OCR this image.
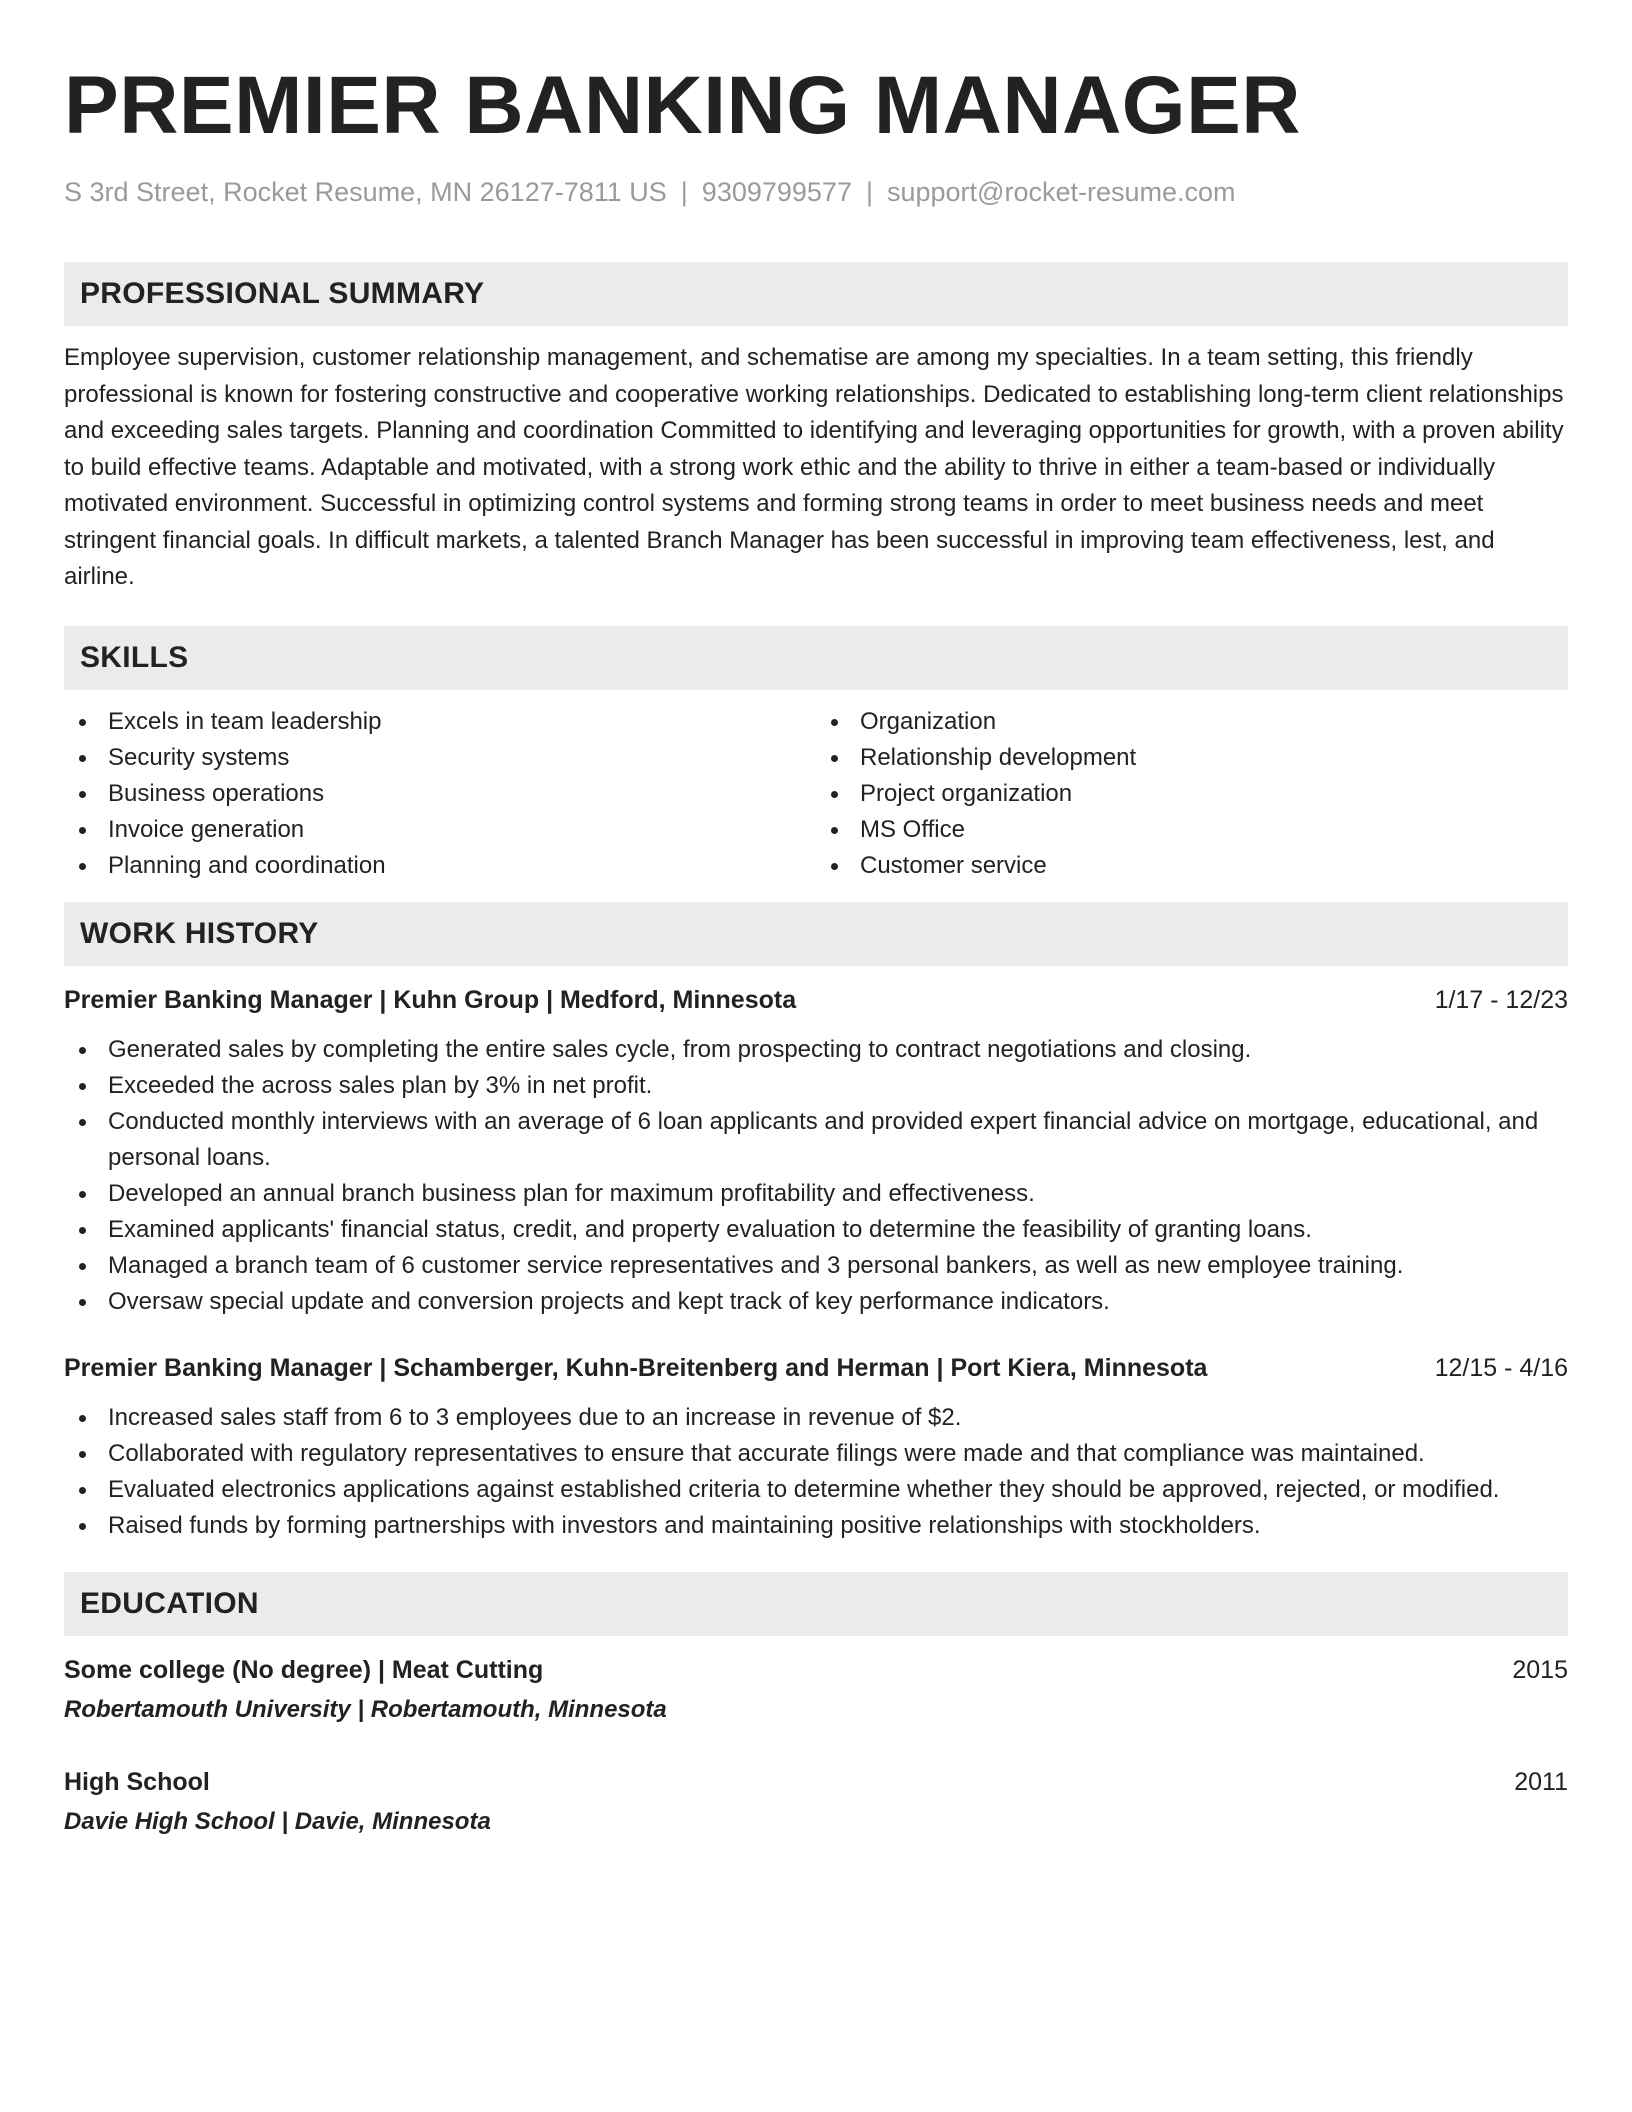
PREMIER BANKING MANAGER
S 3rd Street, Rocket Resume, MN 26127-7811 US | 9309799577 | support@rocket-resume.com
PROFESSIONAL SUMMARY

Employee supervision, customer relationship management, and schematise are among my specialties. In a team setting, this friendly professional is known for fostering constructive and cooperative working relationships. Dedicated to establishing long-term client relationships and exceeding sales targets. Planning and coordination Committed to identifying and leveraging opportunities for growth, with a proven ability to build effective teams. Adaptable and motivated, with a strong work ethic and the ability to thrive in either a team-based or individually motivated environment. Successful in optimizing control systems and forming strong teams in order to meet business needs and meet stringent financial goals. In difficult markets, a talented Branch Manager has been successful in improving team effectiveness, lest, and airline.

SKILLS
Excels in team leadership
Security systems
Business operations
Invoice generation
Planning and coordination
Organization
Relationship development
Project organization
MS Office
Customer service
WORK HISTORY
Premier Banking Manager | Kuhn Group | Medford, Minnesota	1/17 - 12/23
Generated sales by completing the entire sales cycle, from prospecting to contract negotiations and closing.
Exceeded the across sales plan by 3% in net profit.
Conducted monthly interviews with an average of 6 loan applicants and provided expert financial advice on mortgage, educational, and personal loans.
Developed an annual branch business plan for maximum profitability and effectiveness.
Examined applicants' financial status, credit, and property evaluation to determine the feasibility of granting loans.
Managed a branch team of 6 customer service representatives and 3 personal bankers, as well as new employee training.
Oversaw special update and conversion projects and kept track of key performance indicators.
Premier Banking Manager | Schamberger, Kuhn-Breitenberg and Herman | Port Kiera, Minnesota	12/15 - 4/16
Increased sales staff from 6 to 3 employees due to an increase in revenue of $2.
Collaborated with regulatory representatives to ensure that accurate filings were made and that compliance was maintained.
Evaluated electronics applications against established criteria to determine whether they should be approved, rejected, or modified.
Raised funds by forming partnerships with investors and maintaining positive relationships with stockholders.
EDUCATION
Some college (No degree) | Meat Cutting	2015
Robertamouth University | Robertamouth, Minnesota
High School	2011
Davie High School | Davie, Minnesota
